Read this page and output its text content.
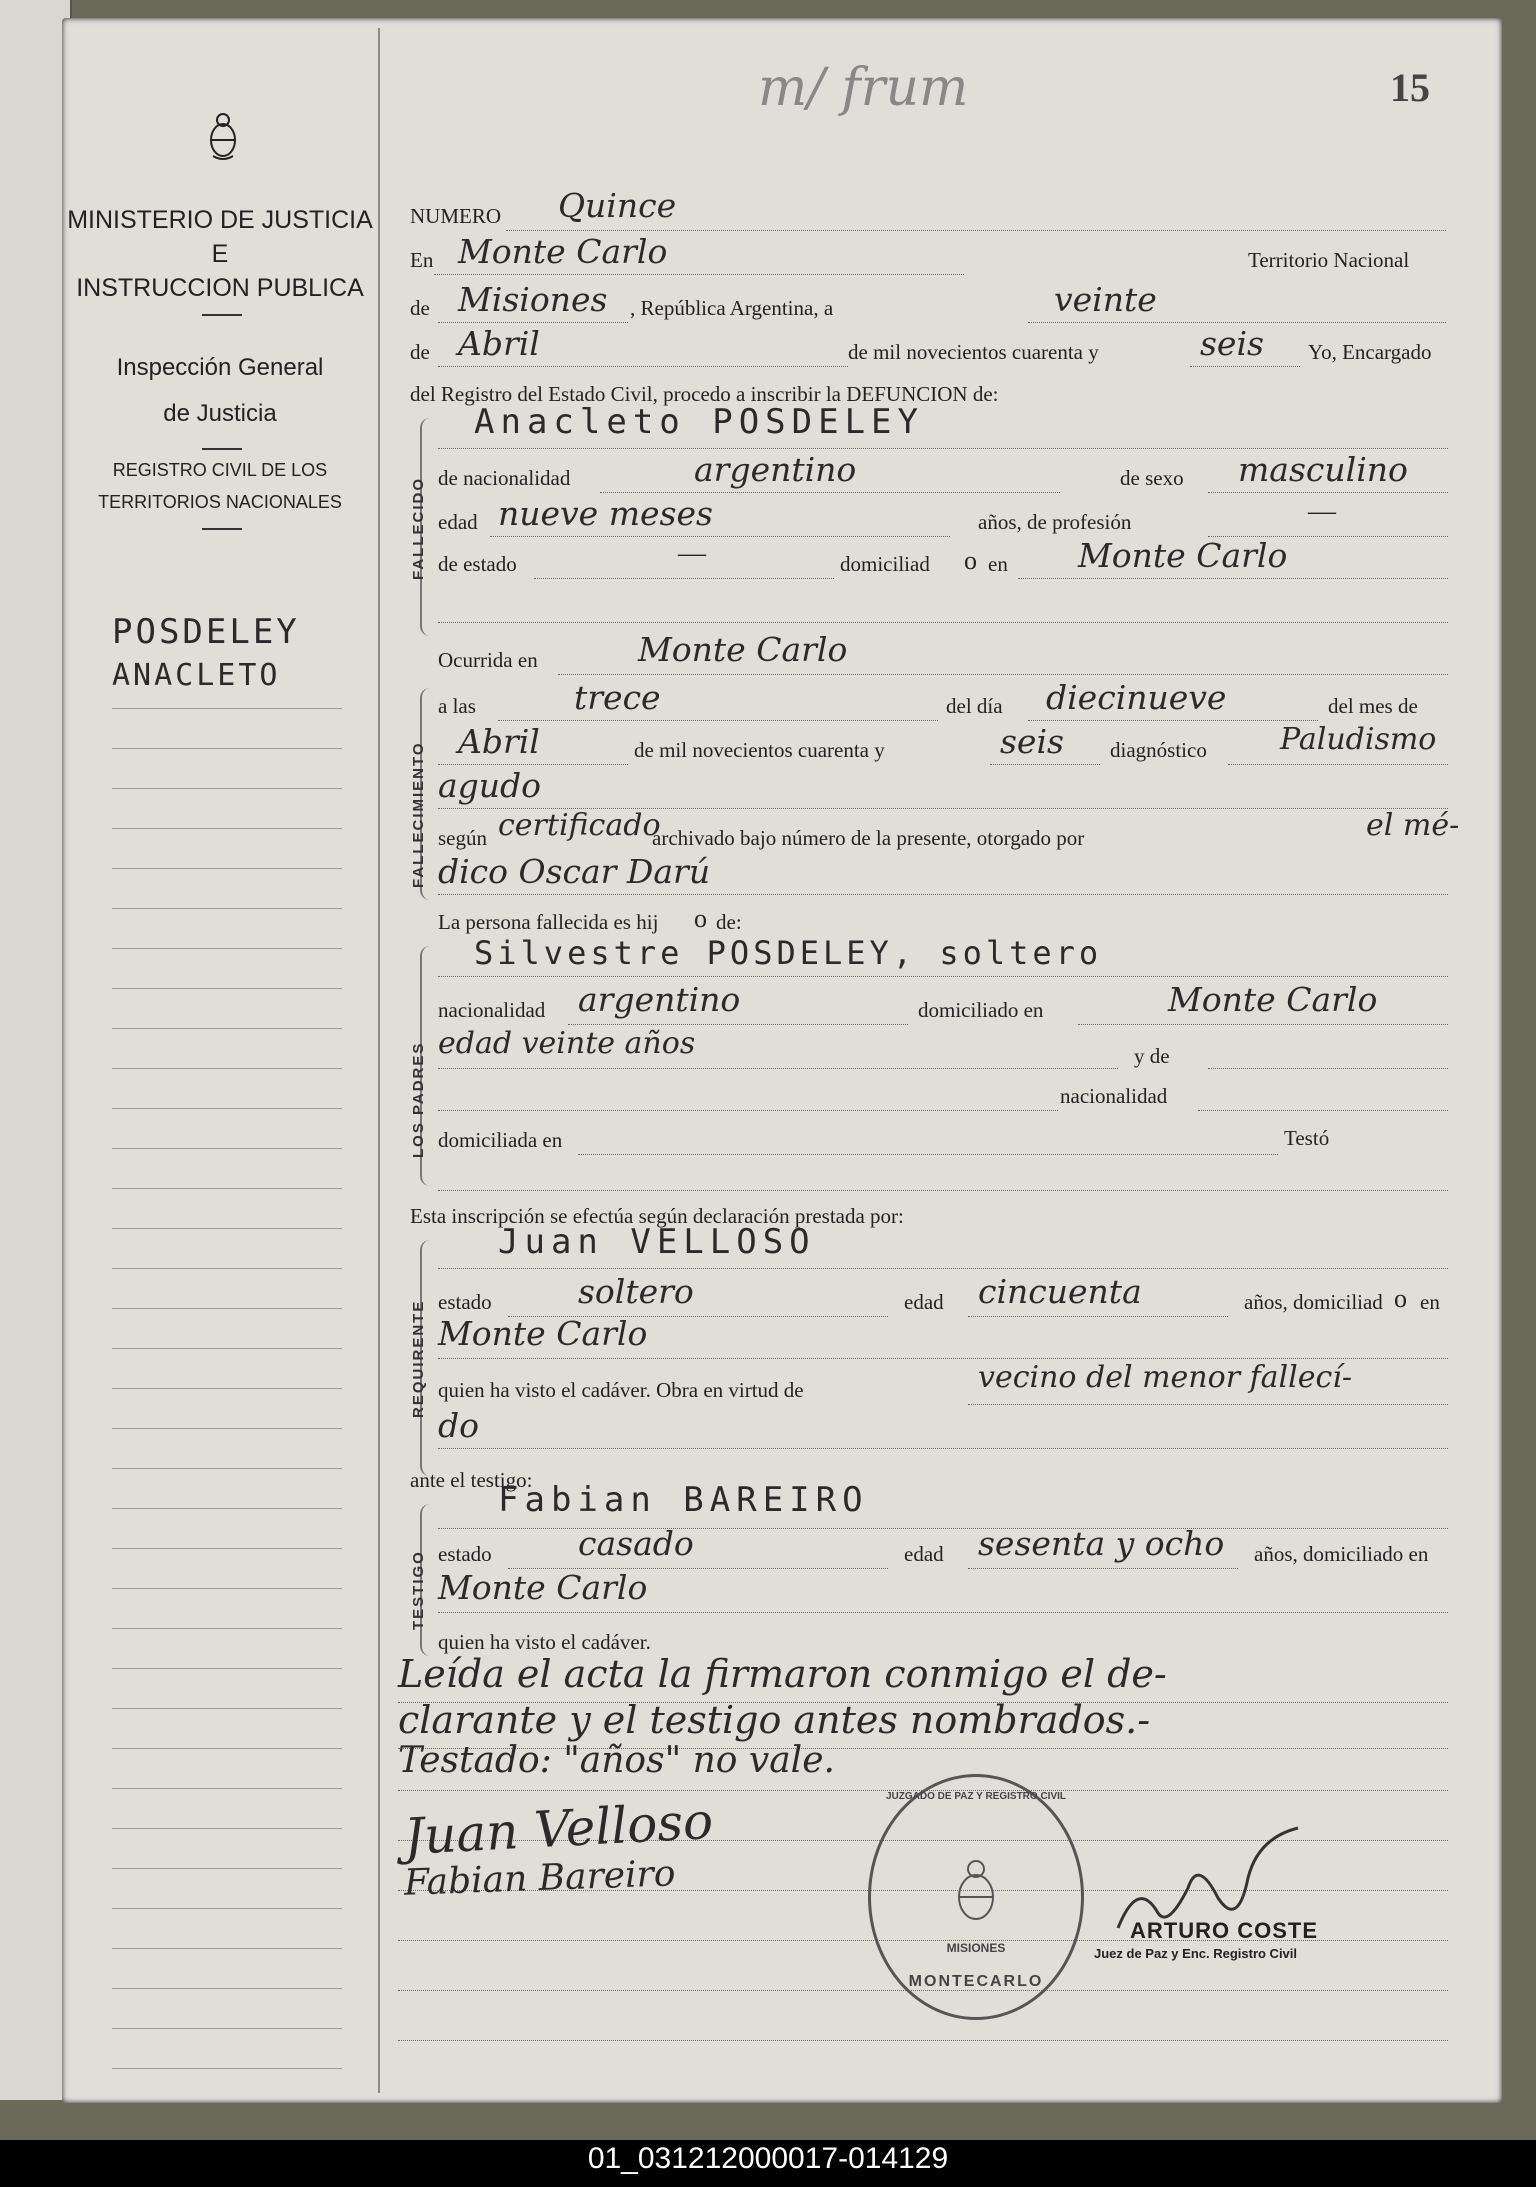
MINISTERIO DE JUSTICIA
E
INSTRUCCION PUBLICA
Inspección General
de Justicia
REGISTRO CIVIL DE LOS
TERRITORIOS NACIONALES
POSDELEY
ANACLETO
m/ frum	15
NUMERO Quince
En Monte Carlo	Territorio Nacional
de Misiones , República Argentina, a	veinte
de Abril	de mil novecientos cuarenta y	seis Yo, Encargado
del Registro del Estado Civil, procedo a inscribir la DEFUNCION de:
FALLECIDO
Anacleto POSDELEY
de nacionalidad	argentino	de sexo masculino
edad nueve meses	años, de profesión	—
de estado	—	domiciliad o en Monte Carlo
Ocurrida en	Monte Carlo
FALLECIMIENTO
a las	trece	del día diecinueve	del mes de
Abril	de mil novecientos cuarenta y	seis diagnóstico Paludismo
agudo
según certificado
archivado bajo número de la presente, otorgado por	el mé-
dico Oscar Darú
La persona fallecida es hij o de:
LOS PADRES
Silvestre POSDELEY, soltero
nacionalidad argentino	domiciliado en	Monte Carlo
edad veinte años	y de
nacionalidad
domiciliada en	Testó
Esta inscripción se efectúa según declaración prestada por:
REQUIRENTE
Juan VELLOSO
estado	soltero	edad cincuenta	años, domiciliad o en
Monte Carlo
quien ha visto el cadáver. Obra en virtud de	vecino del menor fallecí-
do
ante el testigo:
TESTIGO
Fabian BAREIRO
estado	casado	edad sesenta y ocho años, domiciliado en
Monte Carlo
quien ha visto el cadáver.
Leída el acta la firmaron conmigo el de-
clarante y el testigo antes nombrados.-
Testado: "años" no vale.
Juan Velloso
Fabian Bareiro
ARTURO COSTE
Juez de Paz y Enc. Registro Civil
JUZGADO DE PAZ Y REGISTRO CIVIL
MISIONES
MONTECARLO
01_031212000017-014129
